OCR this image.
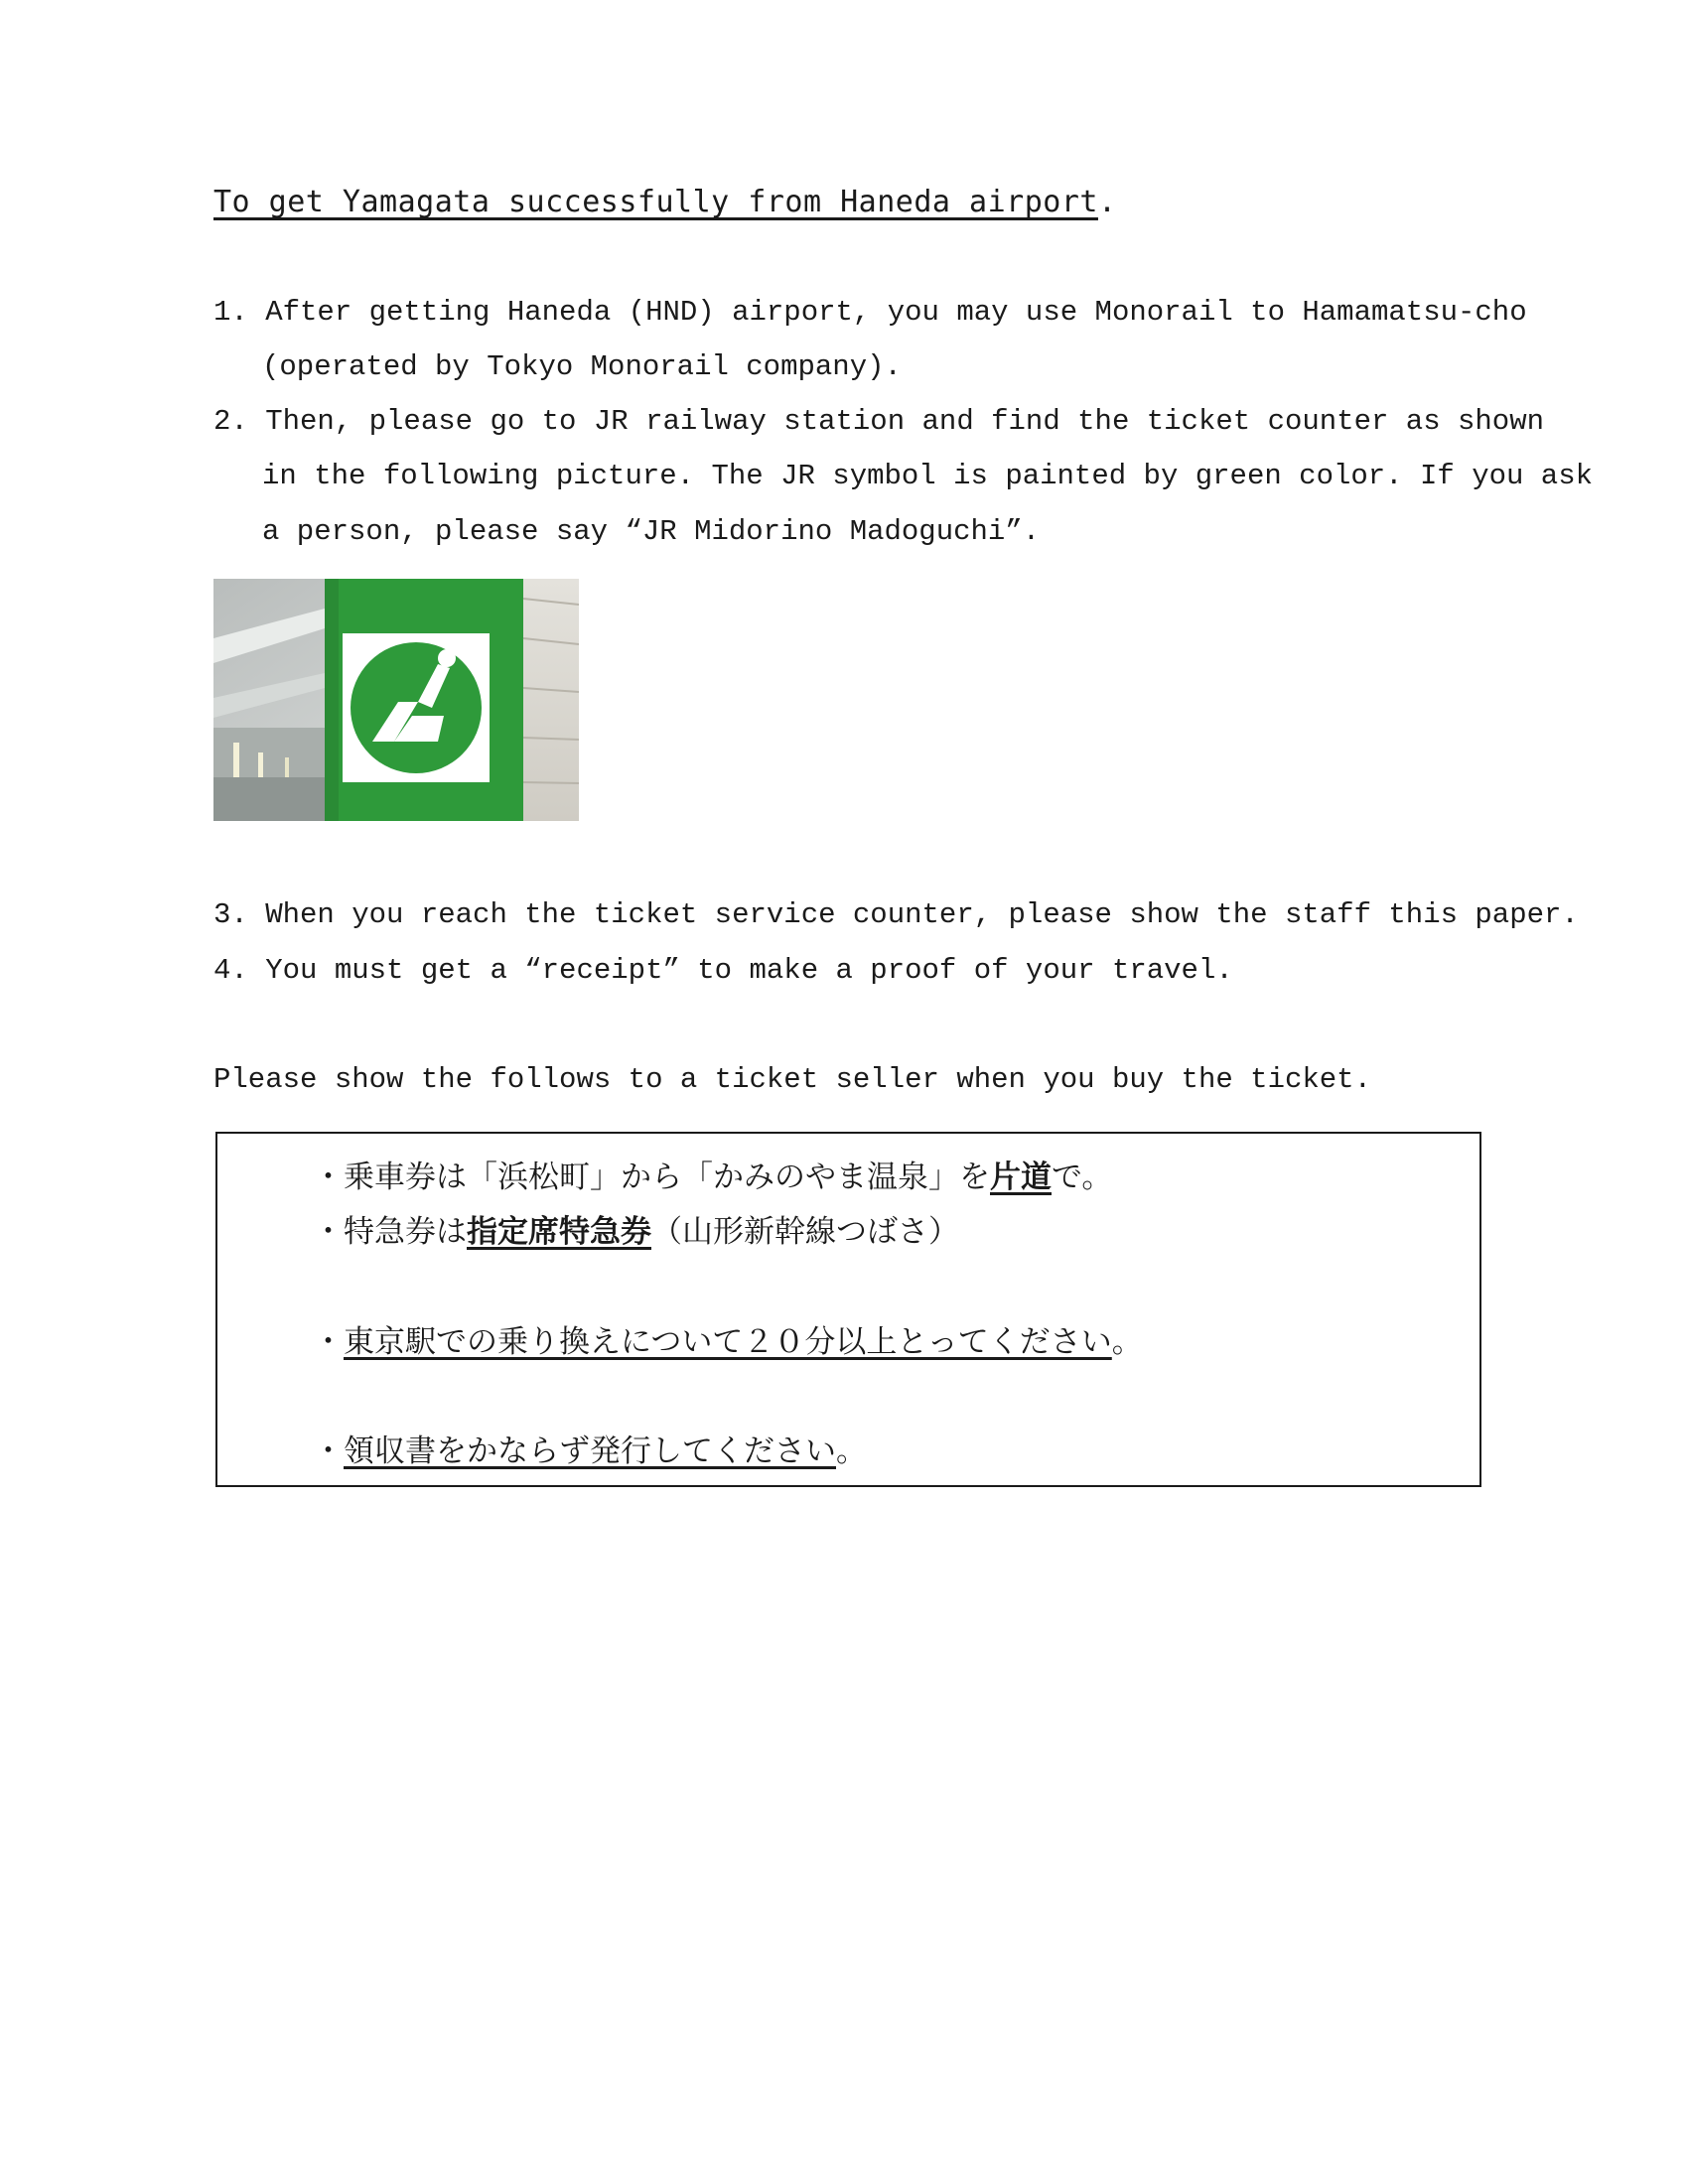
To get Yamagata successfully from Haneda airport.
1. After getting Haneda (HND) airport, you may use Monorail to Hamamatsu-cho
(operated by Tokyo Monorail company).
2. Then, please go to JR railway station and find the ticket counter as shown
in the following picture. The JR symbol is painted by green color. If you ask
a person, please say “JR Midorino Madoguchi”.
3. When you reach the ticket service counter, please show the staff this paper.
4. You must get a “receipt” to make a proof of your travel.
Please show the follows to a ticket seller when you buy the ticket.
・乗車券は「浜松町」から「かみのやま温泉」を片道で。
・特急券は指定席特急券（山形新幹線つばさ）
・東京駅での乗り換えについて２０分以上とってください。
・領収書をかならず発行してください。
